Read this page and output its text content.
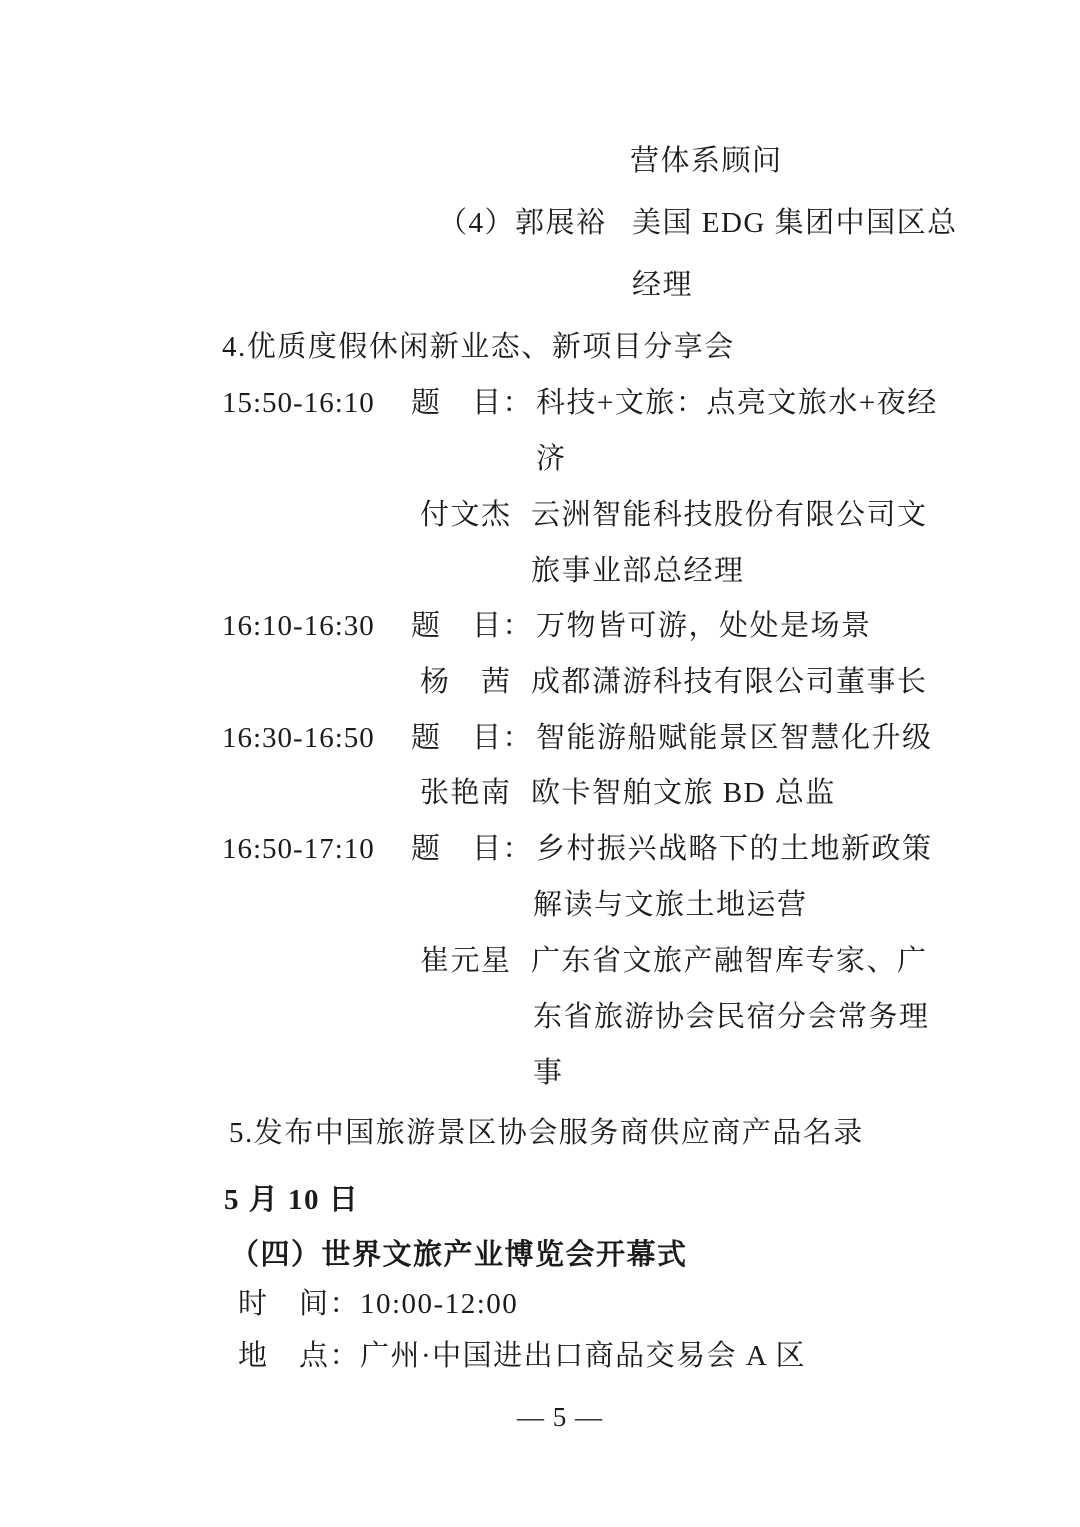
营体系顾问
（4）郭展裕 美国 EDG 集团中国区总
经理
4.优质度假休闲新业态、新项目分享会
15:50-16:10 题　目： 科技+文旅：点亮文旅水+夜经
济
付文杰 云洲智能科技股份有限公司文
旅事业部总经理
16:10-16:30 题　目： 万物皆可游，处处是场景
杨　茜 成都潇游科技有限公司董事长
16:30-16:50 题　目： 智能游船赋能景区智慧化升级
张艳南 欧卡智舶文旅 BD 总监
16:50-17:10 题　目： 乡村振兴战略下的土地新政策
解读与文旅土地运营
崔元星 广东省文旅产融智库专家、广
东省旅游协会民宿分会常务理
事
5.发布中国旅游景区协会服务商供应商产品名录
5 月 10 日
（四）世界文旅产业博览会开幕式
时　间：10:00-12:00
地　点：广州·中国进出口商品交易会 A 区
— 5 —
